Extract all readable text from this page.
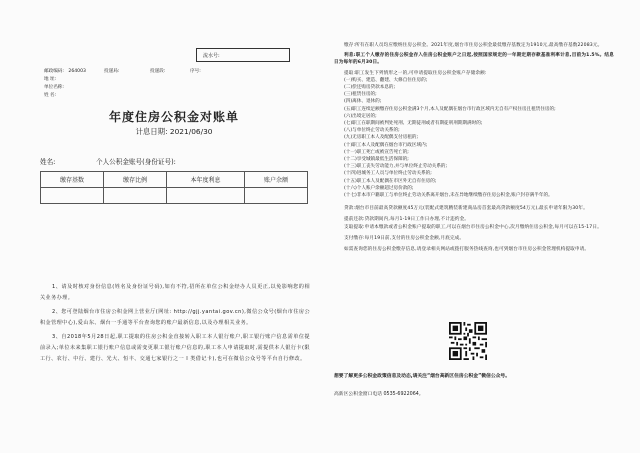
流水号:
邮政编码: 264003	投递局:	投递段:	序号:
地 址:
单位名称:
姓 名:
年度住房公积金对账单
计息日期: 2021/06/30
姓名:	个人公积金账号(身份证号):
缴存基数	缴存比例	本年度利息	账户余额

1、请及时核对身份信息(姓名及身份证号码),如有不符,招所在单位公积金经办人员更正,以免影响您的相关业务办理。

2、您可登陆烟台市住房公积金网上营业厅(网址: http://gjj.yantai.gov.cn),微信公众号(烟台市住房公积金管理中心),爱山东、烟台一手通等平台查询您的账户最新信息,以及办理相关业务。

3、自2018年5月28日起,职工提取的住房公积金直接转入职工本人银行账户,职工银行账户信息需单位提前录入;单位未来集职工银行账户信息或需变更职工银行账户信息的,职工本人申请提取时,需提供本人银行卡(限工行、农行、中行、建行、光大、恒丰、交通七家银行之一 I 类借记卡),也可在微信公众号等平台自行修改。

缴存:所有在职人员均应缴纳住房公积金。2021年度,烟台市住房公积金最低缴存基数定为1910元,最高缴存基数22083元。

利息:职工个人缴存的住房公积金存入住房公积金账户之日起,按照国家规定的一年期定期存款基准利率计息,目前为1.5%。结息日为每年的6月30日。

提取:职工发生下列情形之一的,可申请提取住房公积金账户存储余额:

(一)购买、建造、翻建、大修自住住房的;

(二)偿还购房贷款本息的;

(三)租赁住房的;

(四)离休、退休的;

(五)职工连续足额缴存住房公积金满3个月,本人及配偶在烟台市行政区域内无自有产权住房且租赁住房的;

(六)出境定居的;

(七)职工在职期间被判处死刑、无期徒刑或者有期徒刑刑期期满时的;

(八)与单位终止劳动关系的;

(九)无房职工本人及配偶支付房租的;

(十)职工本人及配偶在烟台市行政区域内;

(十一)职工死亡或被宣告死亡的;

(十二)享受城镇最低生活保障的;

(十三)职工丧失劳动能力,并与单位终止劳动关系的;

(十四)进城务工人员与单位终止劳动关系的;

(十五)职工本人及配偶在市区外无自有住房的;

(十六)个人账户余额超过房价款的;

(十七)非本市户籍职工与单位终止劳动关系离开烟台,未在异地继续缴存住房公积金,账户封存满半年的。

贷款:烟台市目前最高贷款额度45万元(装配式建筑精装新建商品房首套最高贷款额度54万元),最长申请年限为30年。

提前还款:贷款期间内,每月1-19日工作日办理,不计违约金。

支取提取:申请本缴款或者公积金账户提取的职工,可以在烟台市住房公积金中心,次月缴纳住房公积金,每月可以在15-17日。

支付缴存:每月19日前,支付的住房公积金金额,月底完成。

如需查询您的住房公积金缴存信息,请登录相关网站或拨打服务热线查询,也可到烟台市住房公积金管理机构提取申请。

想要了解更多公积金政策信息及动态,请关注“烟台高新区住房公积金”微信公众号。
高新区公积金窗口电话 0535-6922064。
